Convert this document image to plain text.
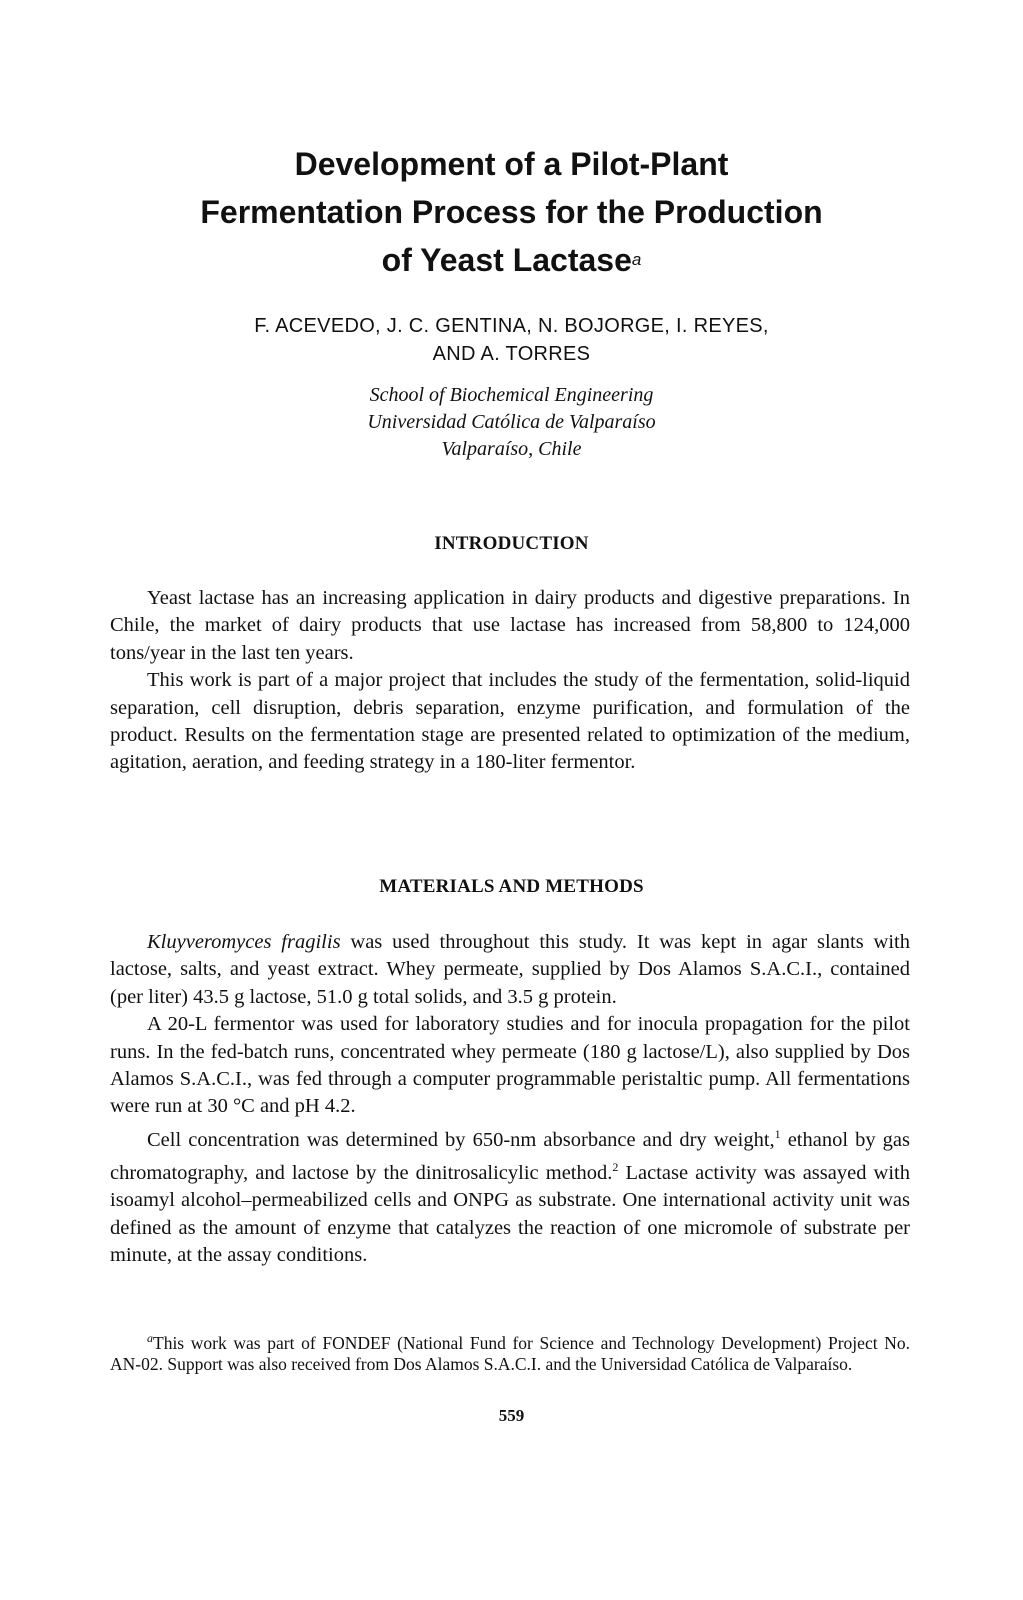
Development of a Pilot-Plant
Fermentation Process for the Production
of Yeast Lactase$^a$
F. ACEVEDO, J. C. GENTINA, N. BOJORGE, I. REYES,
AND A. TORRES
School of Biochemical Engineering
Universidad Católica de Valparaíso
Valparaíso, Chile
INTRODUCTION

Yeast lactase has an increasing application in dairy products and digestive preparations. In Chile, the market of dairy products that use lactase has increased from 58,800 to 124,000 tons/year in the last ten years.

This work is part of a major project that includes the study of the fermentation, solid-liquid separation, cell disruption, debris separation, enzyme purification, and formulation of the product. Results on the fermentation stage are presented related to optimization of the medium, agitation, aeration, and feeding strategy in a 180-liter fermentor.

MATERIALS AND METHODS

Kluyveromyces fragilis was used throughout this study. It was kept in agar slants with lactose, salts, and yeast extract. Whey permeate, supplied by Dos Alamos S.A.C.I., contained (per liter) 43.5 g lactose, 51.0 g total solids, and 3.5 g protein.

A 20-L fermentor was used for laboratory studies and for inocula propagation for the pilot runs. In the fed-batch runs, concentrated whey permeate (180 g lactose/L), also supplied by Dos Alamos S.A.C.I., was fed through a computer programmable peristaltic pump. All fermentations were run at 30 °C and pH 4.2.

Cell concentration was determined by 650-nm absorbance and dry weight,$^1$ ethanol by gas chromatography, and lactose by the dinitrosalicylic method.$^2$ Lactase activity was assayed with isoamyl alcohol–permeabilized cells and ONPG as substrate. One international activity unit was defined as the amount of enzyme that catalyzes the reaction of one micromole of substrate per minute, at the assay conditions.

$^a$This work was part of FONDEF (National Fund for Science and Technology Development) Project No. AN-02. Support was also received from Dos Alamos S.A.C.I. and the Universidad Católica de Valparaíso.

559
